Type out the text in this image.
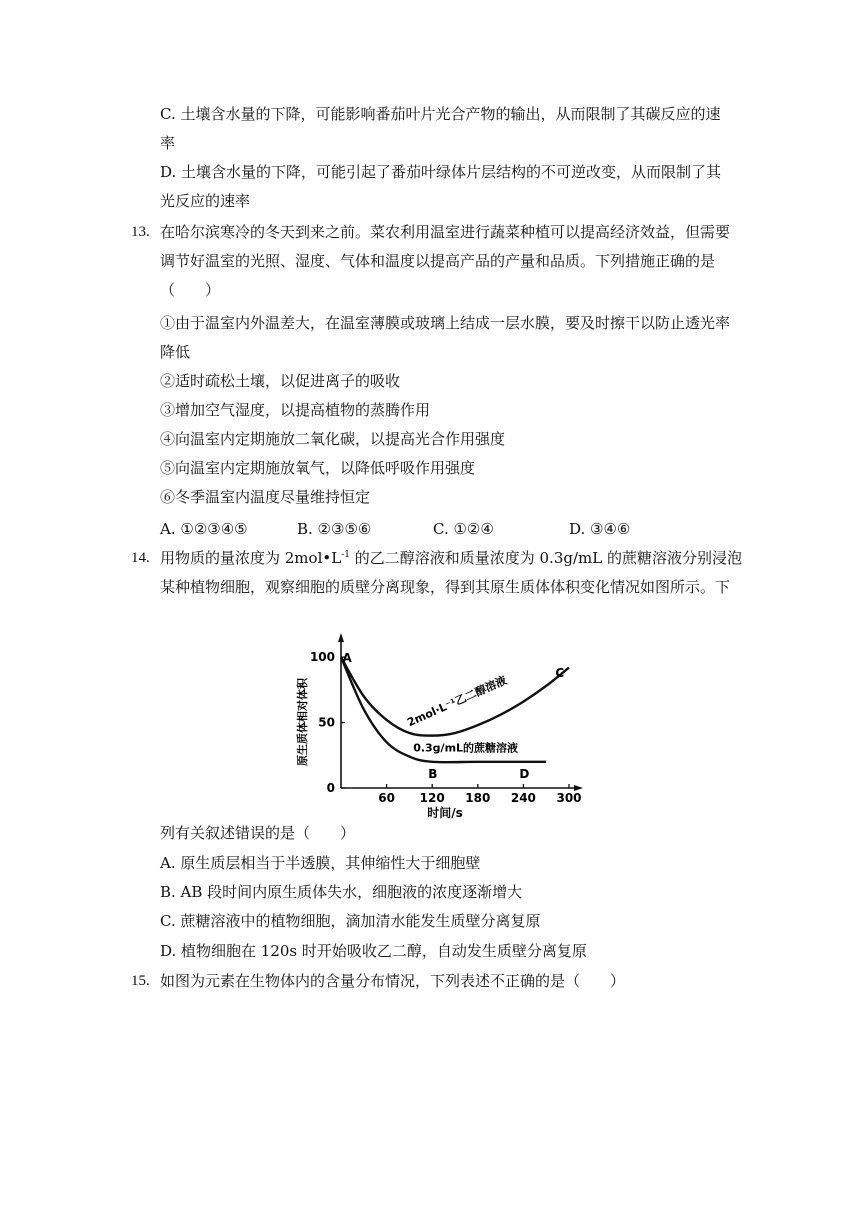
C. 土壤含水量的下降，可能影响番茄叶片光合产物的输出，从而限制了其碳反应的速
率
D. 土壤含水量的下降，可能引起了番茄叶绿体片层结构的不可逆改变，从而限制了其
光反应的速率
13. 在哈尔滨寒冷的冬天到来之前。菜农利用温室进行蔬菜种植可以提高经济效益，但需要
调节好温室的光照、湿度、气体和温度以提高产品的产量和品质。下列措施正确的是
（　　）
①由于温室内外温差大，在温室薄膜或玻璃上结成一层水膜，要及时擦干以防止透光率
降低
②适时疏松土壤，以促进离子的吸收
③增加空气湿度，以提高植物的蒸腾作用
④向温室内定期施放二氧化碳，以提高光合作用强度
⑤向温室内定期施放氧气，以降低呼吸作用强度
⑥冬季温室内温度尽量维持恒定
A. ①②③④⑤	B. ②③⑤⑥	C. ①②④	D. ③④⑥
14. 用物质的量浓度为 $2mol•L^{-1}$ 的乙二醇溶液和质量浓度为 0.3g/mL 的蔗糖溶液分别浸泡
某种植物细胞，观察细胞的质壁分离现象，得到其原生质体体积变化情况如图所示。下
60 120 180 240 300
0
50
100
时间/s
原生质体相对体积	2mol·L⁻¹乙二醇溶液
0.3g/mL的蔗糖溶液
A
B
C
D
列有关叙述错误的是（　　）
A. 原生质层相当于半透膜，其伸缩性大于细胞壁
B. AB 段时间内原生质体失水，细胞液的浓度逐渐增大
C. 蔗糖溶液中的植物细胞，滴加清水能发生质壁分离复原
D. 植物细胞在 120s 时开始吸收乙二醇，自动发生质壁分离复原
15. 如图为元素在生物体内的含量分布情况，下列表述不正确的是（　　）
